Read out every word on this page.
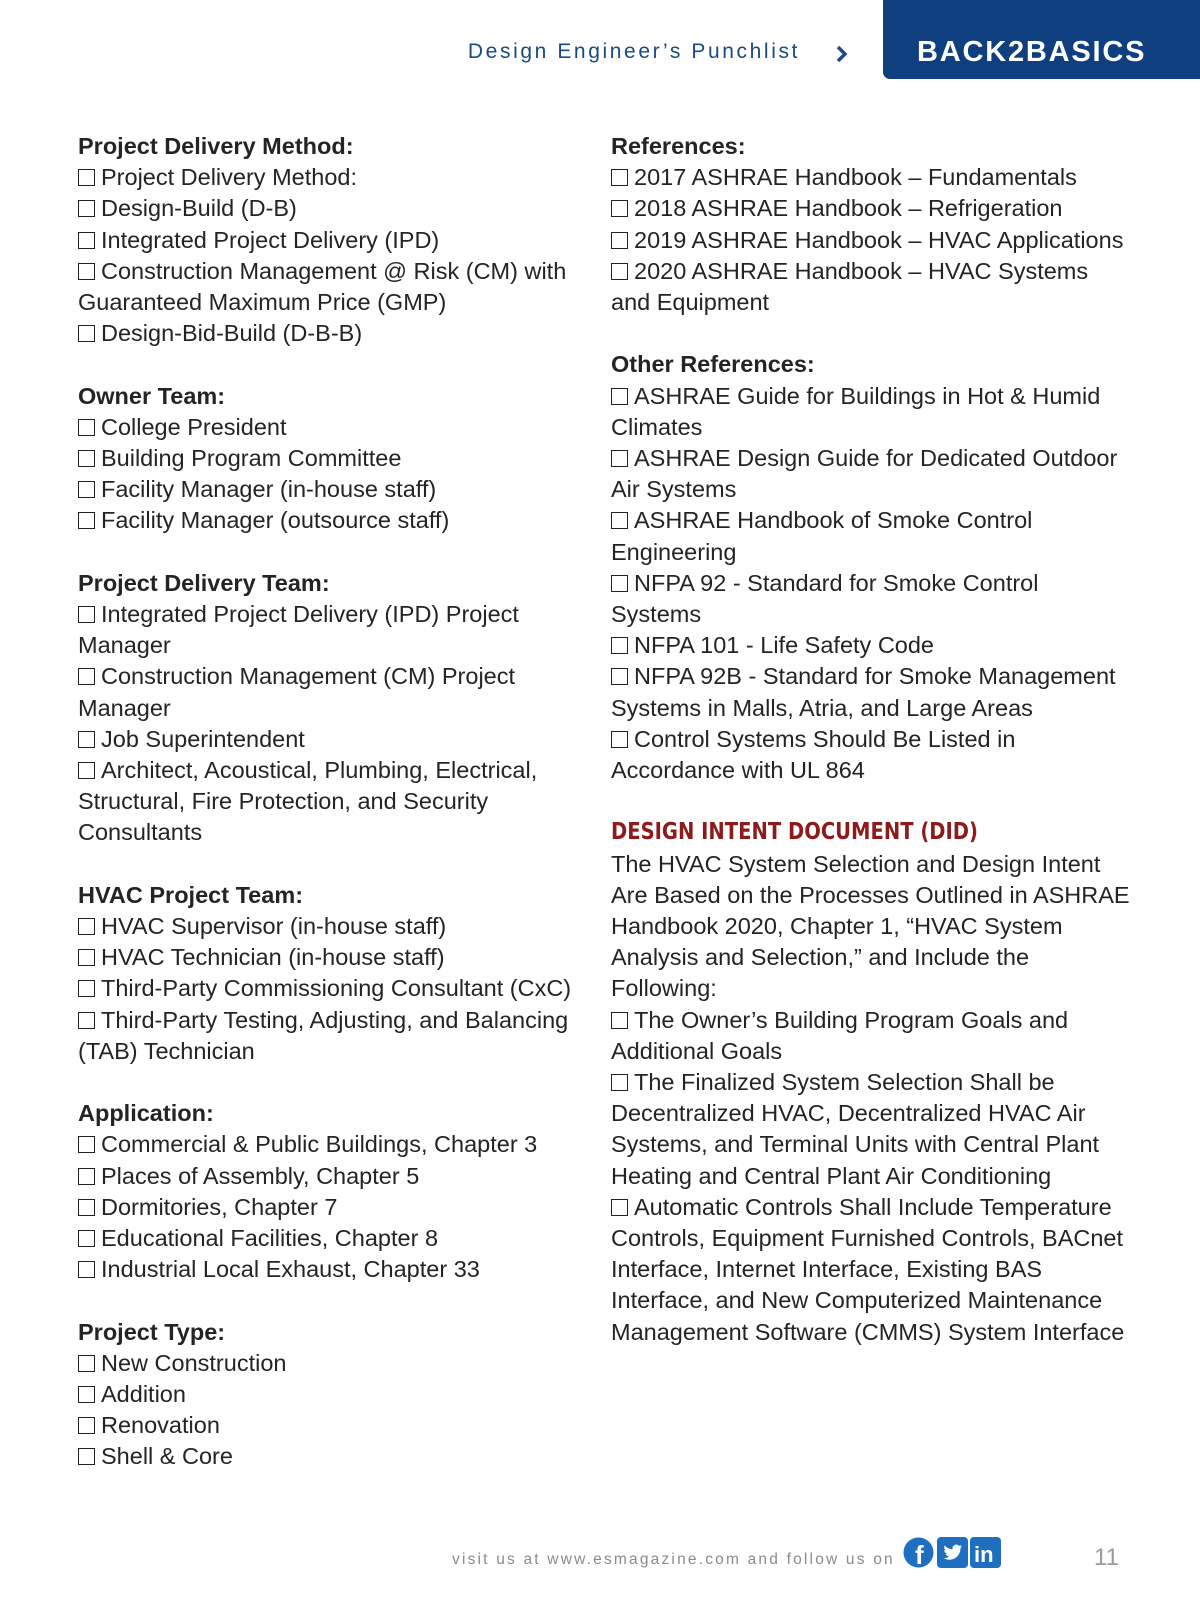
Design Engineer’s Punchlist	BACK2BASICS
Project Delivery Method:
Project Delivery Method:
Design-Build (D-B)
Integrated Project Delivery (IPD)
Construction Management @ Risk (CM) with Guaranteed Maximum Price (GMP)
Design-Bid-Build (D-B-B)
Owner Team:
College President
Building Program Committee
Facility Manager (in-house staff)
Facility Manager (outsource staff)
Project Delivery Team:
Integrated Project Delivery (IPD) Project Manager
Construction Management (CM) Project Manager
Job Superintendent
Architect, Acoustical, Plumbing, Electrical, Structural, Fire Protection, and Security Consultants
HVAC Project Team:
HVAC Supervisor (in-house staff)
HVAC Technician (in-house staff)
Third-Party Commissioning Consultant (CxC)
Third-Party Testing, Adjusting, and Balancing (TAB) Technician
Application:
Commercial & Public Buildings, Chapter 3
Places of Assembly, Chapter 5
Dormitories, Chapter 7
Educational Facilities, Chapter 8
Industrial Local Exhaust, Chapter 33
Project Type:
New Construction
Addition
Renovation
Shell & Core
References:
2017 ASHRAE Handbook – Fundamentals
2018 ASHRAE Handbook – Refrigeration
2019 ASHRAE Handbook – HVAC Applications
2020 ASHRAE Handbook – HVAC Systems and Equipment
Other References:
ASHRAE Guide for Buildings in Hot & Humid Climates
ASHRAE Design Guide for Dedicated Outdoor Air Systems
ASHRAE Handbook of Smoke Control Engineering
NFPA 92 - Standard for Smoke Control Systems
NFPA 101 - Life Safety Code
NFPA 92B - Standard for Smoke Management Systems in Malls, Atria, and Large Areas
Control Systems Should Be Listed in Accordance with UL 864
DESIGN INTENT DOCUMENT (DID)
The HVAC System Selection and Design Intent Are Based on the Processes Outlined in ASHRAE Handbook 2020, Chapter 1, “HVAC System Analysis and Selection,” and Include the Following:
The Owner’s Building Program Goals and Additional Goals
The Finalized System Selection Shall be Decentralized HVAC, Decentralized HVAC Air Systems, and Terminal Units with Central Plant Heating and Central Plant Air Conditioning
Automatic Controls Shall Include Temperature Controls, Equipment Furnished Controls, BACnet Interface, Internet Interface, Existing BAS Interface, and New Computerized Maintenance Management Software (CMMS) System Interface
visit us at www.esmagazine.com and follow us on f in	11
